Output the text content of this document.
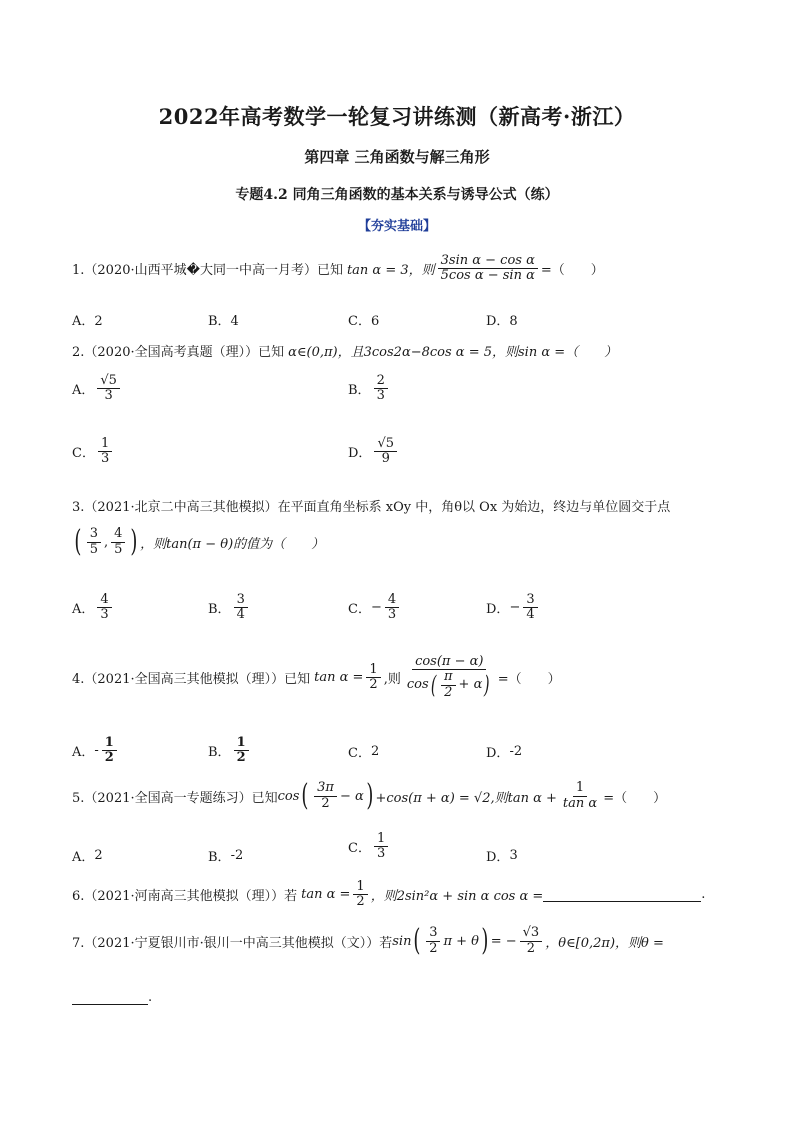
2022年高考数学一轮复习讲练测（新高考·浙江）
第四章 三角函数与解三角形
专题4.2 同角三角函数的基本关系与诱导公式（练）
【夯实基础】
1.（2020·山西平城�大同一中高一月考）已知 tan α = 3，则 $\frac{\text{3sin α − cos α}}{\text{5cos α − sin α}}$ =（　　）
A．2	B．4	C．6	D．8
2.（2020·全国高考真题（理））已知 α∈(0,π)，且3cos2α−8cos α = 5，则sin α =（　　）
A． $\frac{√5}{3}$	B． $\frac{2}{3}$
C． $\frac{1}{3}$	D． $\frac{√5}{9}$
3.（2021·北京二中高三其他模拟）在平面直角坐标系 xOy 中，角θ以 Ox 为始边，终边与单位圆交于点
( $\frac{3}{5}$ , $\frac{4}{5}$ ) ，则tan(π − θ)的值为（　　）
A． $\frac{4}{3}$	B． $\frac{3}{4}$	C． − $\frac{4}{3}$	D． − $\frac{3}{4}$
4.（2021·全国高三其他模拟（理））已知 $\tan \alpha = \frac{1}{2}$ ,则 $\frac{\cos(\pi - \alpha)}{\cos ( \frac{\pi}{2} + \alpha )}$ =（　　）
A． - $\frac{1}{2}$	B． $\frac{1}{2}$	C． 2	D． -2
5.（2021·全国高一专题练习）已知 cos ( $\frac{3\pi}{2} - \alpha$ ) +cos(π + α) = √2,则$\tan \alpha + \frac{1}{\text{tan α}}$ =（　　）
A． 2	B． -2	C． $\frac{1}{3}$	D． 3
6.（2021·河南高三其他模拟（理））若 $\tan \alpha = \frac{1}{2}$ ，则2sin²α + sin α cos α =	.
7.（2021·宁夏银川市·银川一中高三其他模拟（文））若 sin ( $\frac{3}{2}$ π + θ ) = − $\frac{√3}{2}$ ，θ∈[0,2π)，则θ =
.
